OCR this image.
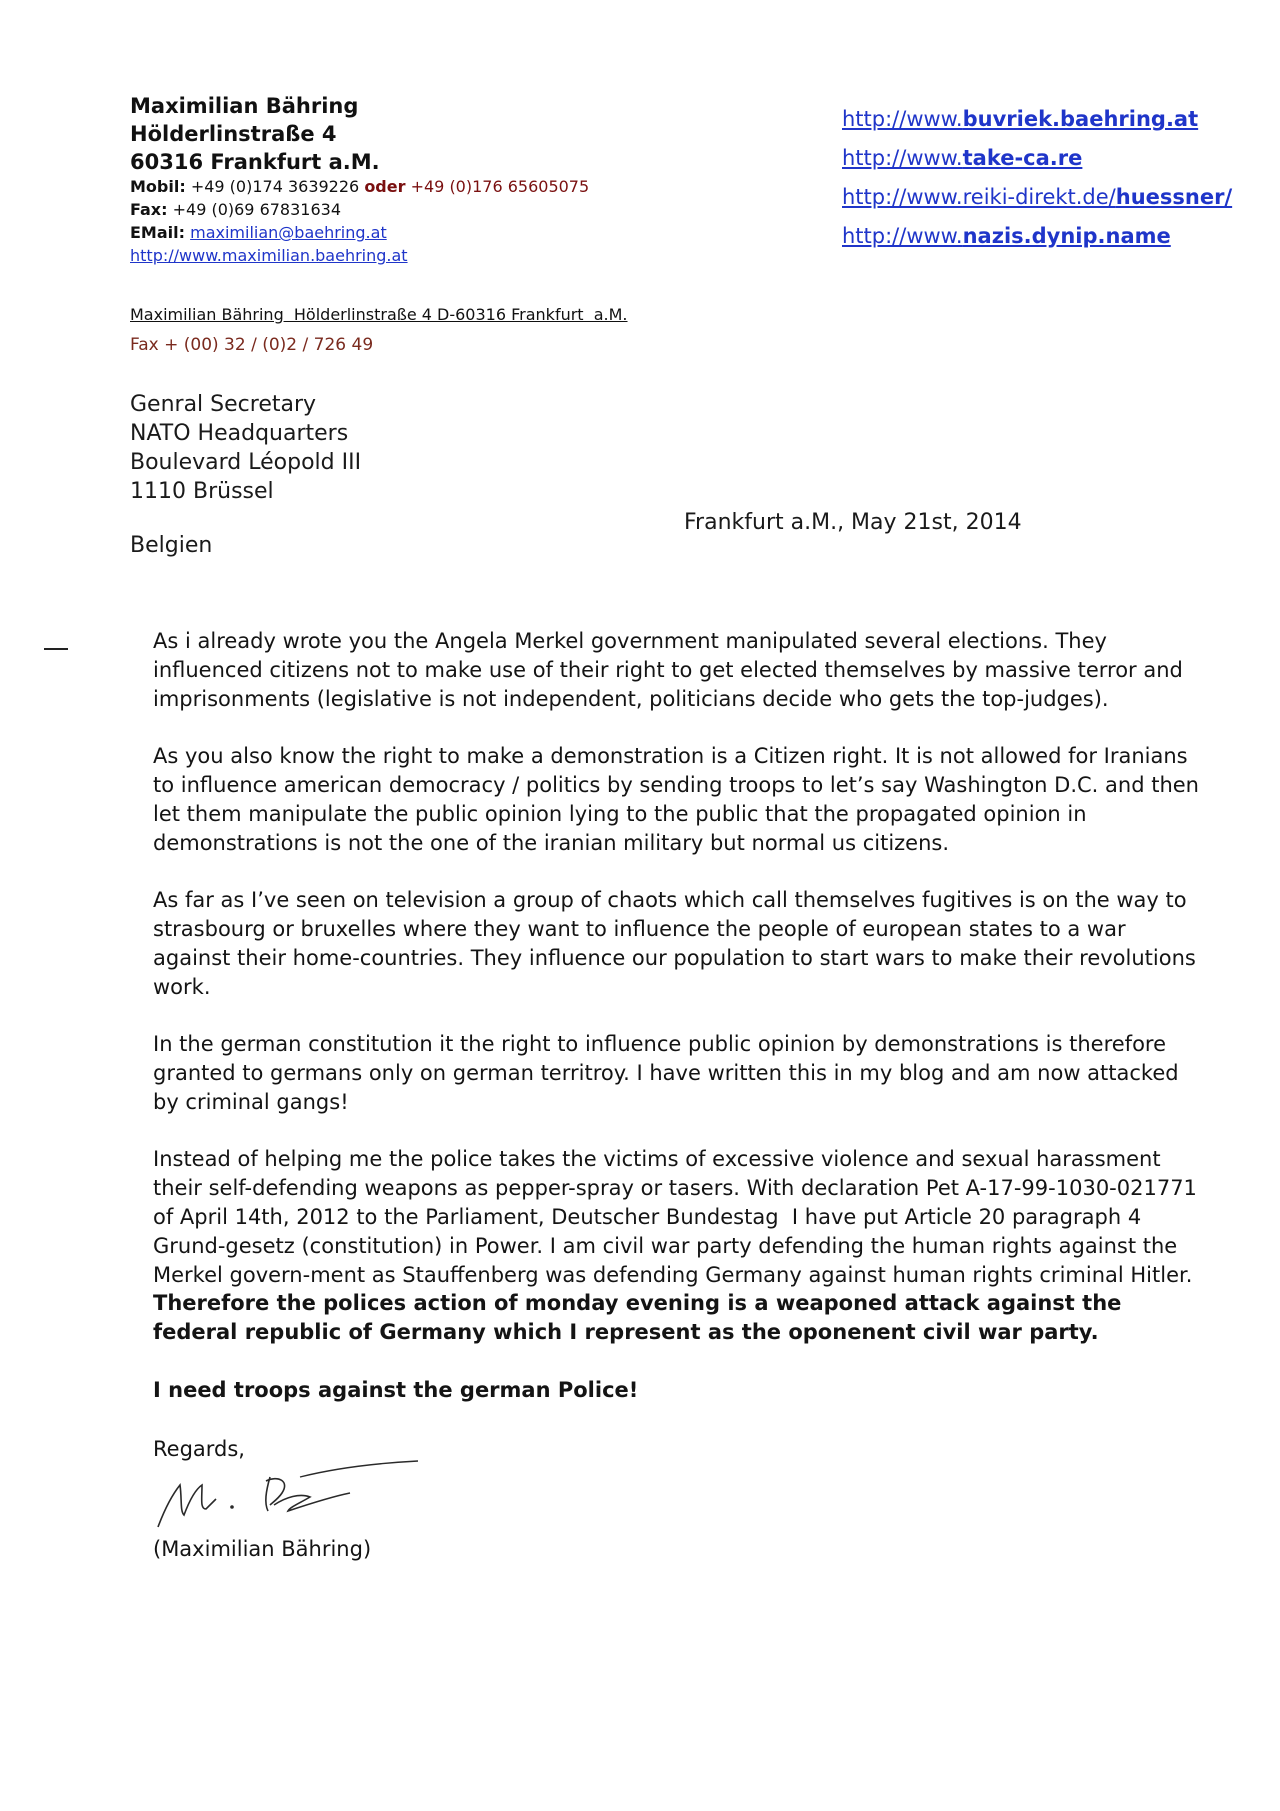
Maximilian Bähring
Hölderlinstraße 4
60316 Frankfurt a.M.
Mobil: +49 (0)174 3639226 oder +49 (0)176 65605075
Fax: +49 (0)69 67831634
EMail: maximilian@baehring.at
http://www.maximilian.baehring.at
http://www.buvriek.baehring.at
http://www.take-ca.re
http://www.reiki-direkt.de/huessner/
http://www.nazis.dynip.name
Maximilian Bähring  Hölderlinstraße 4 D-60316 Frankfurt  a.M.
Fax + (00) 32 / (0)2 / 726 49
Genral Secretary
NATO Headquarters
Boulevard Léopold III
1110 Brüssel
Frankfurt a.M., May 21st, 2014
Belgien

As i already wrote you the Angela Merkel government manipulated several elections. They influenced citizens not to make use of their right to get elected themselves by massive terror and imprisonments (legislative is not independent, politicians decide who gets the top-judges).

As you also know the right to make a demonstration is a Citizen right. It is not allowed for Iranians to influence american democracy / politics by sending troops to let’s say Washington D.C. and then let them manipulate the public opinion lying to the public that the propagated opinion in demonstrations is not the one of the iranian military but normal us citizens.

As far as I’ve seen on television a group of chaots which call themselves fugitives is on the way to strasbourg or bruxelles where they want to influence the people of european states to a war against their home-countries. They influence our population to start wars to make their revolutions work.

In the german constitution it the right to influence public opinion by demonstrations is therefore granted to germans only on german territroy. I have written this in my blog and am now attacked by criminal gangs!

Instead of helping me the police takes the victims of excessive violence and sexual harassment their self-defending weapons as pepper-spray or tasers. With declaration Pet A-17-99-1030-021771 of April 14th, 2012 to the Parliament, Deutscher Bundestag  I have put Article 20 paragraph 4 Grund-gesetz (constitution) in Power. I am civil war party defending the human rights against the Merkel govern-ment as Stauffenberg was defending Germany against human rights criminal Hitler. Therefore the polices action of monday evening is a weaponed attack against the federal republic of Germany which I represent as the oponenent civil war party.

I need troops against the german Police!

Regards,

(Maximilian Bähring)
